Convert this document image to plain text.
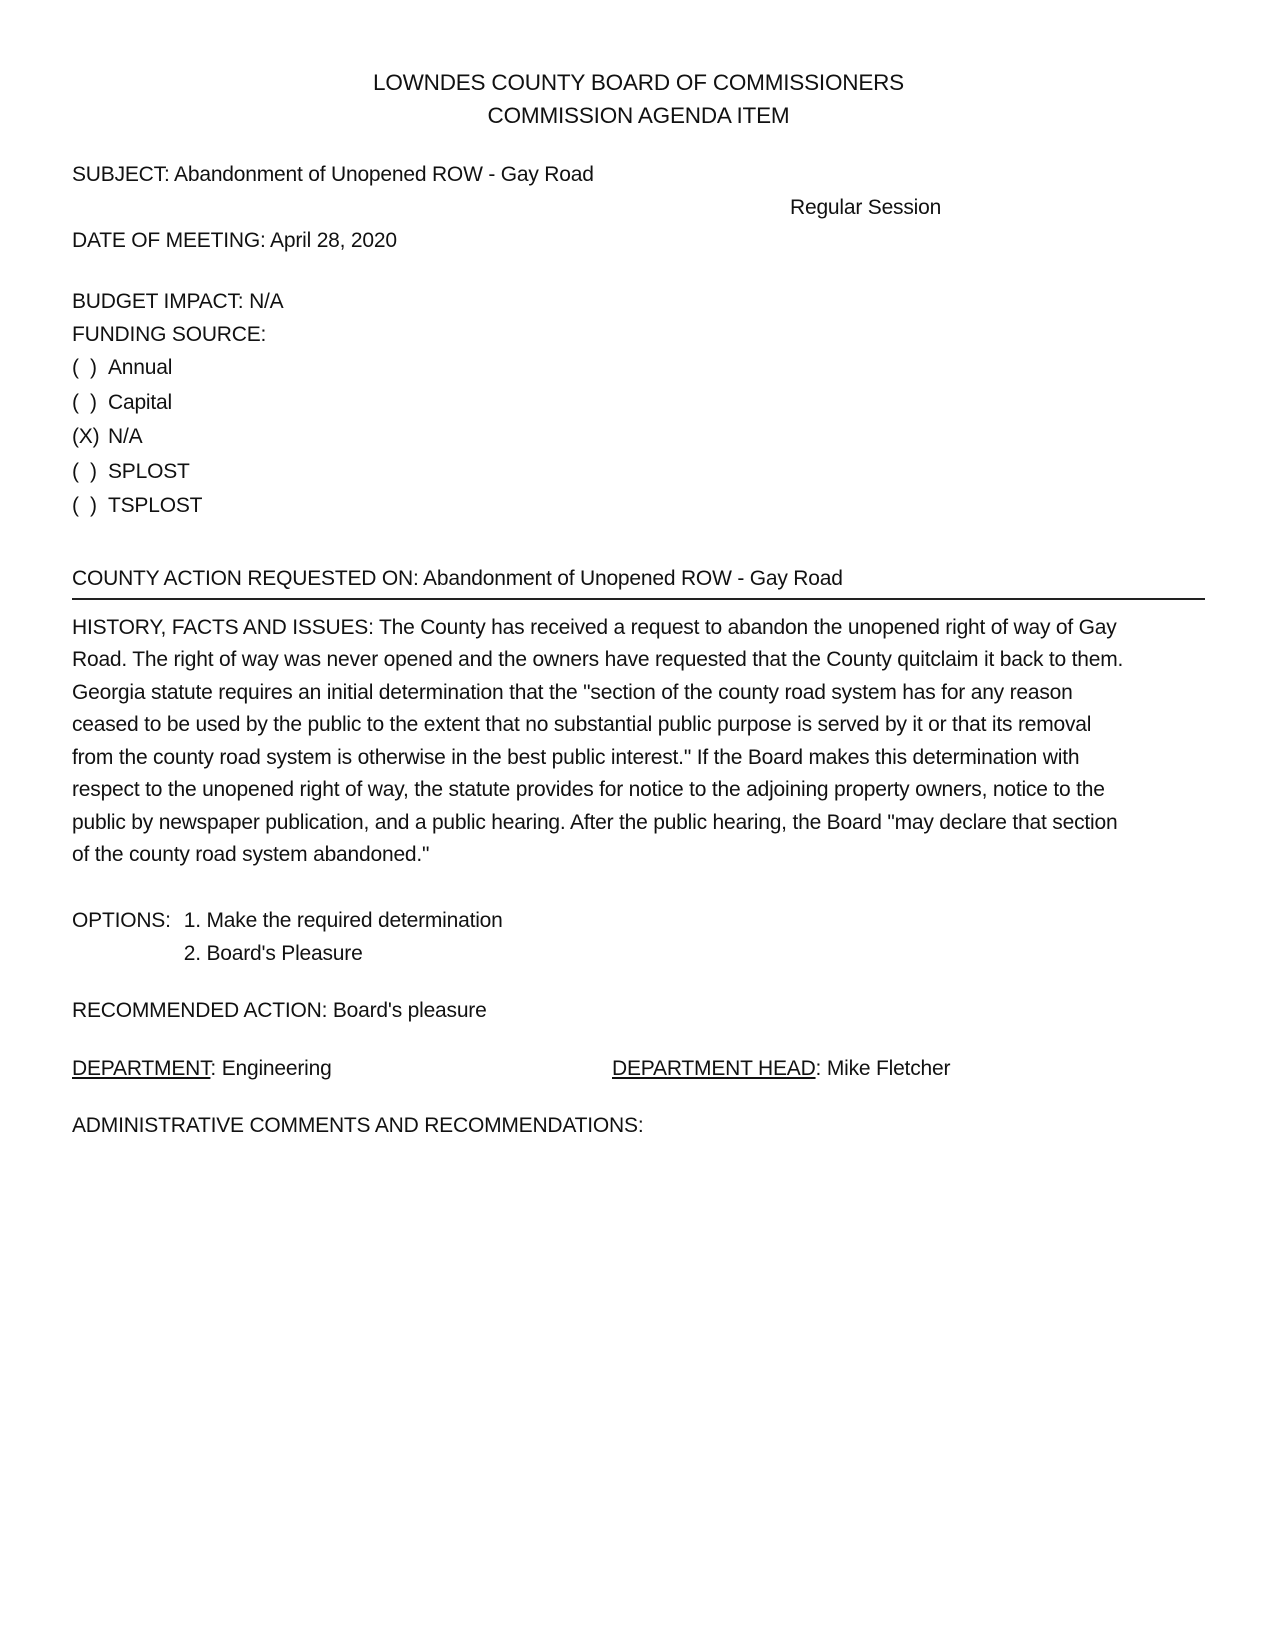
LOWNDES COUNTY BOARD OF COMMISSIONERS
COMMISSION AGENDA ITEM
SUBJECT: Abandonment of Unopened ROW - Gay Road
Regular Session
DATE OF MEETING: April 28, 2020
BUDGET IMPACT: N/A
FUNDING SOURCE:
(  ) Annual
(  ) Capital
(X) N/A
(  ) SPLOST
(  ) TSPLOST
COUNTY ACTION REQUESTED ON: Abandonment of Unopened ROW - Gay Road
HISTORY, FACTS AND ISSUES: The County has received a request to abandon the unopened right of way of Gay Road. The right of way was never opened and the owners have requested that the County quitclaim it back to them. Georgia statute requires an initial determination that the "section of the county road system has for any reason ceased to be used by the public to the extent that no substantial public purpose is served by it or that its removal from the county road system is otherwise in the best public interest." If the Board makes this determination with respect to the unopened right of way, the statute provides for notice to the adjoining property owners, notice to the public by newspaper publication, and a public hearing. After the public hearing, the Board "may declare that section of the county road system abandoned."
OPTIONS: 1. Make the required determination
2. Board's Pleasure
RECOMMENDED ACTION: Board's pleasure
DEPARTMENT: Engineering	DEPARTMENT HEAD: Mike Fletcher
ADMINISTRATIVE COMMENTS AND RECOMMENDATIONS:
